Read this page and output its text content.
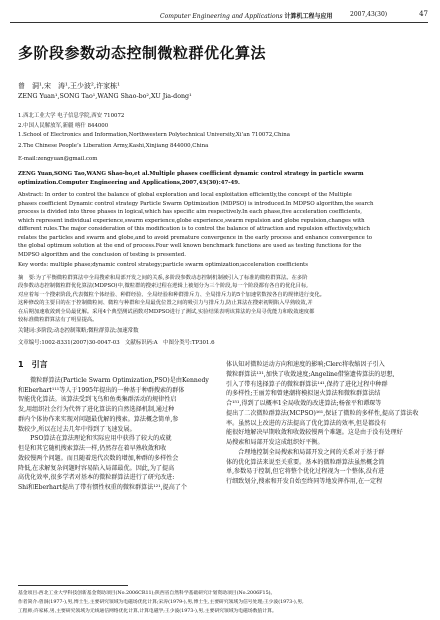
Computer Engineering and Applications 计算机工程与应用	2007,43(30)	47
多阶段参数动态控制微粒群优化算法
曾　洞¹,宋　涛¹,王少波²,许家栋¹
ZENG Yuan¹,SONG Tao¹,WANG Shao-bo²,XU Jia-dong¹
1.西北工业大学 电子信息学院,西安 710072
2.中国人民解放军,新疆 喀什 844000
1.School of Electronics and Information,Northwestern Polytechnical University,Xi’an 710072,China
2.The Chinese People’s Liberation Army,Kashi,Xinjiang 844000,China
E-mail:zengyuan@gmail.com
ZENG Yuan,SONG Tao,WANG Shao-bo,et al.Multiple phases coefficient dynamic control strategy in particle swarm
optimization.Computer Engineering and Applications,2007,43(30):47-49.
Abstract: In order to control the balance of global exploration and local exploitation efficiently,the concept of the Multiple
phases coefficient Dynamic control strategy Particle Swarm Optimization (MDPSO) is introduced.In MDPSO algorithm,the search
process is divided into three phases in logical,which has specific aim respectively.In each phase,five acceleration coefficients,
which represent individual experience,swarm experience,globe experience,swarm repulsion and globe repulsion,changes with
different rules.The major consideration of this modification is to control the balance of attraction and repulsion effectively,which
relates the particles and swarm and globe,and to avoid premature convergence in the early process and enhance convergence to
the global optimum solution at the end of process.Four well known benchmark functions are used as testing functions for the
MDPSO algorithm and the conclusion of testing is presented.
Key words: multiple phase;dynamic control strategy;particle swarm optimization;acceleration coefficients
摘　要:为了平衡微粒群算法中全局搜索和局部开发之间的关系,多阶段参数动态控制机制被引入了标准的微粒群算法。在多阶
段参数动态控制微粒群优化算法(MDPSO)中,微粒群的搜索过程在逻辑上被划分为三个阶段,每一个阶段都有各自的优化目标,
对应着每一个搜索阶段,代表微粒个体经验、种群经验、全局经验和种群排斥力、全局排斥力的5个加速常数按各自的规律进行变化。
这种修改的主要目的在于控制微粒间、微粒与种群和全局最优位置之间的吸引力与排斥力,防止算法在搜索初期陷入早熟收敛,并
在后期加速收敛到全局最优解。采用4个典型测试函数对MDPSO进行了测试,实验结果表明该算法的全局寻优能力和收敛速度都
较标准微粒群算法有了明显提高。
关键词:多阶段;动态控制策略;微粒群算法;加速常数
文章编号:1002-8331(2007)30-0047-03　文献标识码:A　中图分类号:TP301.6
1　引言

　　微粒群算法(Particle Swarm Optimization,PSO)是由Kennedy

和Eberhart¹¹¹等人于1995年提出的一种基于种群搜索的群体

智能优化算法。该算法受到飞鸟和鱼类集群活动的规律性启

发,用组织社会行为代替了进化算法的自然选择机制,通过种

群内个体协作来实现对问题最优解的搜索。算法概念简单,参

数较少,所以在过去几年中得到了飞速发展。

　　PSO算法在算法理论和实际应用中获得了较大的成就

但是和其它随机搜索算法一样,仍然存在着早熟收敛和收

敛较慢两个问题。而且随着迭代次数的增加,种群的多样性会

降低,在求解复杂问题时容易陷入局部最优。因此,为了提高

高优化效率,很多学者对基本的微粒群算法进行了研究改进:

Shi和Eberhart提出了带有惯性权重的微粒群算法¹²¹,提高了个

体认知对微粒运动方向和速度的影响;Clerc将收缩因子引入

微粒群算法¹³¹,加快了收敛速度;Angeline借鉴遗传算法的思想,

引入了带有选择算子的微粒群算法¹⁴¹,保持了进化过程中种群

的多样性;王丽芳和曾建潮将模拟退火算法和微粒群算法结

合¹⁵¹,得到了以概率1全局收敛的改进算法;杨雀平和谭琛等

提出了二次微粒群算法(MCPSO)¹⁶¹,保证了微粒的多样性,提高了算法收

率。虽然以上改进的方法提高了优化算法的效率,但是都没有

能很好地解决早期收敛和收敛较慢两个难题。这是由于没有处理好

局搜索和局部开发这成组织好平衡。

　　合理地控制全局搜索和局部开发之间的关系对于基于群

体的优化算法来说至关重要。基本的微粒群算法虽然概念简

单,参数易于控制,但它将整个优化过程视为一个整体,没有进

行细致划分,搜索和开发自始至终同等地发挥作用,在一定程

基金项目:西北工业大学科技创新基金资助项目(No.2006CR11);陕西省自然科学基础研究计划资助项目(No.2006F15)。
作者简介:曾洞(1977-),男,博士生,主要研究领域为电磁场优化计算;宋涛(1979-),男,博士生,主要研究领域为信号处理;王少波(1973-),男,
工程师;许家栋,男,主要研究领域为无线通信网络优化计算,计算电磁学;王少波(1973-),男,主要研究领域为电磁场数值计算。
